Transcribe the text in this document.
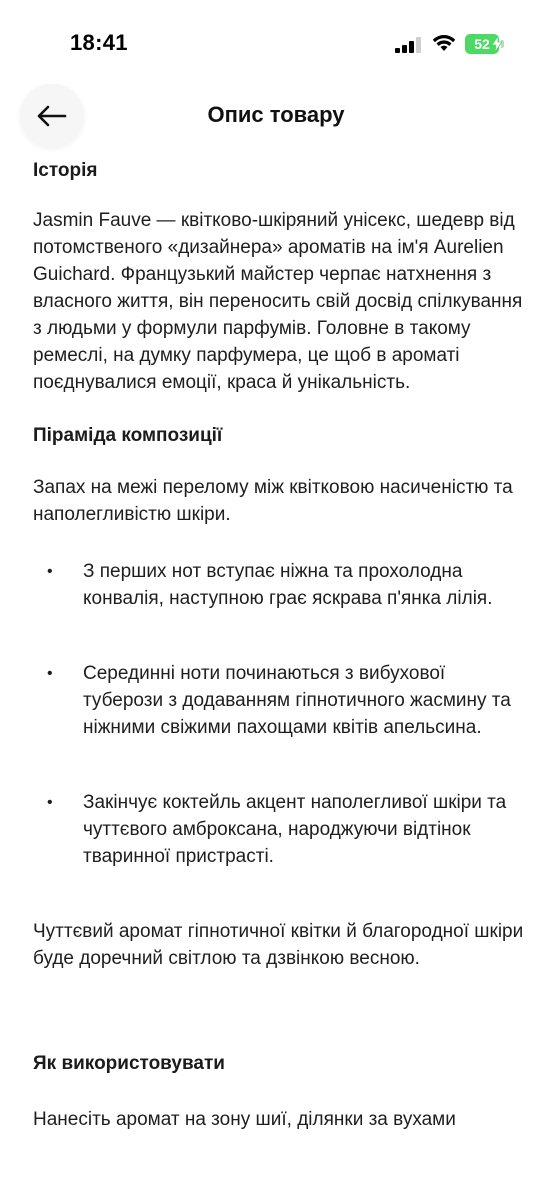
18:41	52
Опис товару
Історія

Jasmin Fauve — квітково-шкіряний унісекс, шедевр від потомственого «дизайнера» ароматів на ім'я Aurelien Guichard. Французький майстер черпає натхнення з власного життя, він переносить свій досвід спілкування з людьми у формули парфумів. Головне в такому ремеслі, на думку парфумера, це щоб в ароматі поєднувалися емоції, краса й унікальність.

Піраміда композиції

Запах на межі перелому між квітковою насиченістю та наполегливістю шкіри.

• З перших нот вступає ніжна та прохолодна конвалія, наступною грає яскрава п'янка лілія.
• Серединні ноти починаються з вибухової туберози з додаванням гіпнотичного жасмину та ніжними свіжими пахощами квітів апельсина.
• Закінчує коктейль акцент наполегливої шкіри та чуттєвого амброксана, народжуючи відтінок тваринної пристрасті.

Чуттєвий аромат гіпнотичної квітки й благородної шкіри буде доречний світлою та дзвінкою весною.

Як використовувати

Нанесіть аромат на зону шиї, ділянки за вухами
